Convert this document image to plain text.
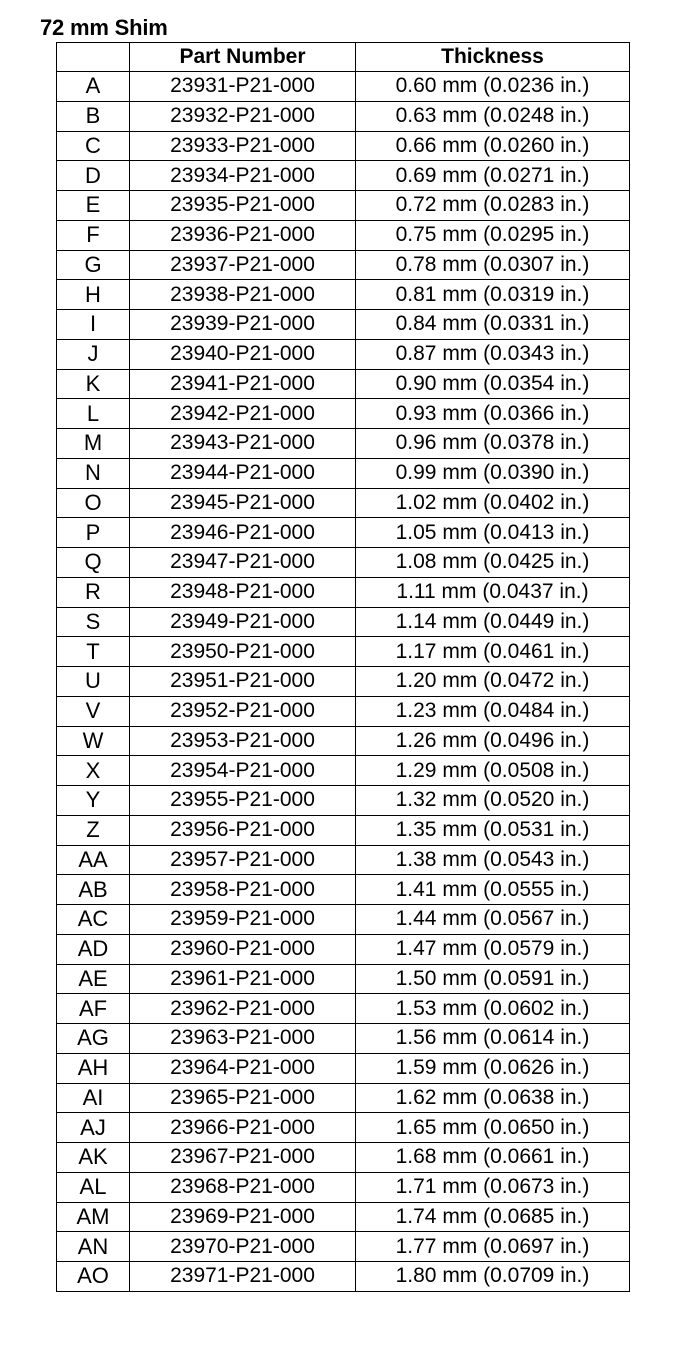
72 mm Shim
	Part Number	Thickness
A	23931-P21-000	0.60 mm (0.0236 in.)
B	23932-P21-000	0.63 mm (0.0248 in.)
C	23933-P21-000	0.66 mm (0.0260 in.)
D	23934-P21-000	0.69 mm (0.0271 in.)
E	23935-P21-000	0.72 mm (0.0283 in.)
F	23936-P21-000	0.75 mm (0.0295 in.)
G	23937-P21-000	0.78 mm (0.0307 in.)
H	23938-P21-000	0.81 mm (0.0319 in.)
I	23939-P21-000	0.84 mm (0.0331 in.)
J	23940-P21-000	0.87 mm (0.0343 in.)
K	23941-P21-000	0.90 mm (0.0354 in.)
L	23942-P21-000	0.93 mm (0.0366 in.)
M	23943-P21-000	0.96 mm (0.0378 in.)
N	23944-P21-000	0.99 mm (0.0390 in.)
O	23945-P21-000	1.02 mm (0.0402 in.)
P	23946-P21-000	1.05 mm (0.0413 in.)
Q	23947-P21-000	1.08 mm (0.0425 in.)
R	23948-P21-000	1.11 mm (0.0437 in.)
S	23949-P21-000	1.14 mm (0.0449 in.)
T	23950-P21-000	1.17 mm (0.0461 in.)
U	23951-P21-000	1.20 mm (0.0472 in.)
V	23952-P21-000	1.23 mm (0.0484 in.)
W	23953-P21-000	1.26 mm (0.0496 in.)
X	23954-P21-000	1.29 mm (0.0508 in.)
Y	23955-P21-000	1.32 mm (0.0520 in.)
Z	23956-P21-000	1.35 mm (0.0531 in.)
AA	23957-P21-000	1.38 mm (0.0543 in.)
AB	23958-P21-000	1.41 mm (0.0555 in.)
AC	23959-P21-000	1.44 mm (0.0567 in.)
AD	23960-P21-000	1.47 mm (0.0579 in.)
AE	23961-P21-000	1.50 mm (0.0591 in.)
AF	23962-P21-000	1.53 mm (0.0602 in.)
AG	23963-P21-000	1.56 mm (0.0614 in.)
AH	23964-P21-000	1.59 mm (0.0626 in.)
AI	23965-P21-000	1.62 mm (0.0638 in.)
AJ	23966-P21-000	1.65 mm (0.0650 in.)
AK	23967-P21-000	1.68 mm (0.0661 in.)
AL	23968-P21-000	1.71 mm (0.0673 in.)
AM	23969-P21-000	1.74 mm (0.0685 in.)
AN	23970-P21-000	1.77 mm (0.0697 in.)
AO	23971-P21-000	1.80 mm (0.0709 in.)
